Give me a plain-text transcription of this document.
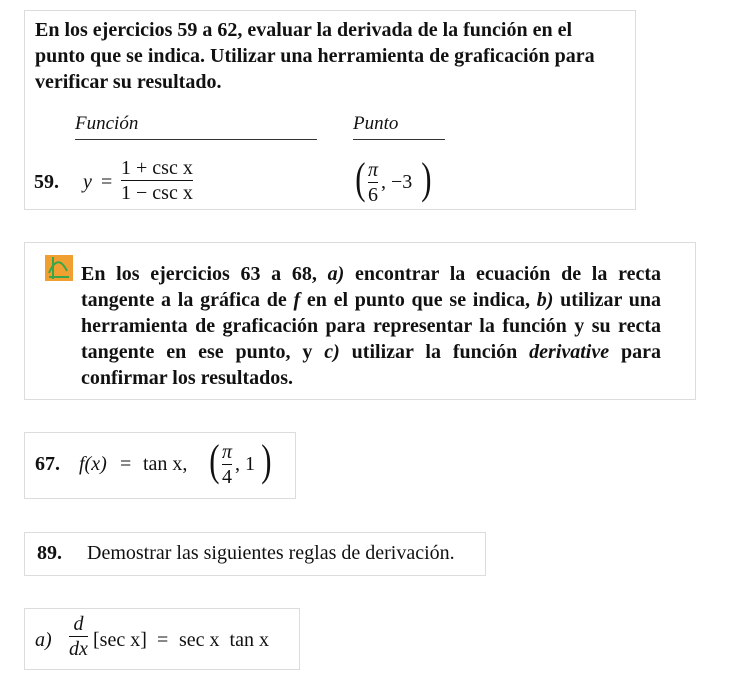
En los ejercicios 59 a 62, evaluar la derivada de la función en el punto que se indica. Utilizar una herramienta de graficación para verificar su resultado.
Función	Punto
59. y =
1 + csc x
1 − csc x	( π
6
, −3 )
En los ejercicios 63 a 68, a) encontrar la ecuación de la recta tangente a la gráfica de f en el punto que se indica, b) utilizar una herramienta de graficación para representar la función y su recta tangente en ese punto, y c) utilizar la función derivative para confirmar los resultados.
67. f(x) = tan x, ( π
4
, 1 )
89. Demostrar las siguientes reglas de derivación.
a)
d
dx [sec x] = sec x  tan x
